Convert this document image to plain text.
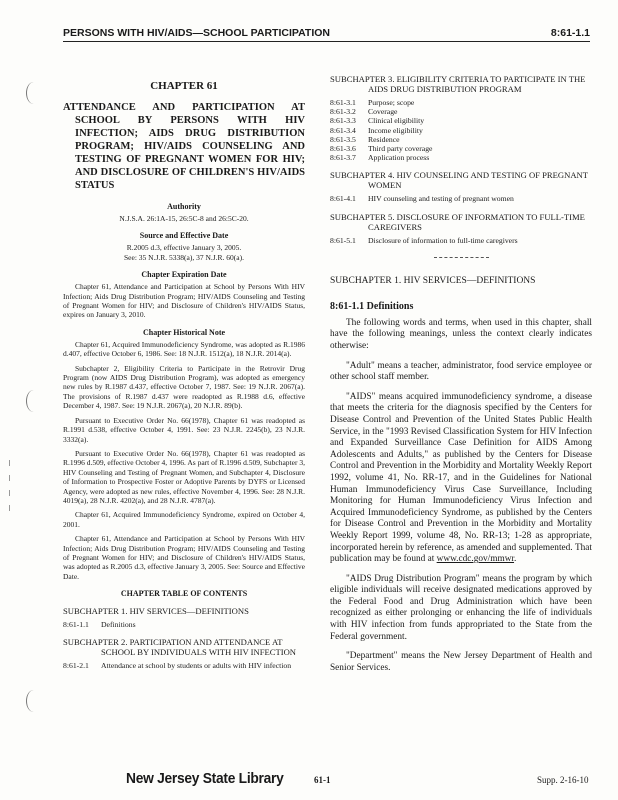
PERSONS WITH HIV/AIDS—SCHOOL PARTICIPATION	8:61-1.1
CHAPTER 61
ATTENDANCE AND PARTICIPATION AT SCHOOL BY PERSONS WITH HIV INFECTION; AIDS DRUG DISTRIBUTION PROGRAM; HIV/AIDS COUNSELING AND TESTING OF PREGNANT WOMEN FOR HIV; AND DISCLOSURE OF CHILDREN'S HIV/AIDS STATUS
Authority

N.J.S.A. 26:1A-15, 26:5C-8 and 26:5C-20.

Source and Effective Date

R.2005 d.3, effective January 3, 2005.

See: 35 N.J.R. 5338(a), 37 N.J.R. 60(a).

Chapter Expiration Date

Chapter 61, Attendance and Participation at School by Persons With HIV Infection; Aids Drug Distribution Program; HIV/AIDS Counseling and Testing of Pregnant Women for HIV; and Disclosure of Children's HIV/AIDS Status, expires on January 3, 2010.

Chapter Historical Note

Chapter 61, Acquired Immunodeficiency Syndrome, was adopted as R.1986 d.407, effective October 6, 1986. See: 18 N.J.R. 1512(a), 18 N.J.R. 2014(a).

Subchapter 2, Eligibility Criteria to Participate in the Retrovir Drug Program (now AIDS Drug Distribution Program), was adopted as emergency new rules by R.1987 d.437, effective October 7, 1987. See: 19 N.J.R. 2067(a). The provisions of R.1987 d.437 were readopted as R.1988 d.6, effective December 4, 1987. See: 19 N.J.R. 2067(a), 20 N.J.R. 89(b).

Pursuant to Executive Order No. 66(1978), Chapter 61 was readopted as R.1991 d.538, effective October 4, 1991. See: 23 N.J.R. 2245(b), 23 N.J.R. 3332(a).

Pursuant to Executive Order No. 66(1978), Chapter 61 was readopted as R.1996 d.509, effective October 4, 1996. As part of R.1996 d.509, Subchapter 3, HIV Counseling and Testing of Pregnant Women, and Subchapter 4, Disclosure of Information to Prospective Foster or Adoptive Parents by DYFS or Licensed Agency, were adopted as new rules, effective November 4, 1996. See: 28 N.J.R. 4019(a), 28 N.J.R. 4202(a), and 28 N.J.R. 4787(a).

Chapter 61, Acquired Immunodeficiency Syndrome, expired on October 4, 2001.

Chapter 61, Attendance and Participation at School by Persons With HIV Infection; Aids Drug Distribution Program; HIV/AIDS Counseling and Testing of Pregnant Women for HIV; and Disclosure of Children's HIV/AIDS Status, was adopted as R.2005 d.3, effective January 3, 2005. See: Source and Effective Date.

CHAPTER TABLE OF CONTENTS
SUBCHAPTER 1. HIV SERVICES—DEFINITIONS
8:61-1.1	Definitions
SUBCHAPTER 2. PARTICIPATION AND ATTENDANCE AT SCHOOL BY INDIVIDUALS WITH HIV INFECTION
8:61-2.1	Attendance at school by students or adults with HIV infection
SUBCHAPTER 3. ELIGIBILITY CRITERIA TO PARTICIPATE IN THE AIDS DRUG DISTRIBUTION PROGRAM
8:61-3.1	Purpose; scope
8:61-3.2	Coverage
8:61-3.3	Clinical eligibility
8:61-3.4	Income eligibility
8:61-3.5	Residence
8:61-3.6	Third party coverage
8:61-3.7	Application process
SUBCHAPTER 4. HIV COUNSELING AND TESTING OF PREGNANT WOMEN
8:61-4.1	HIV counseling and testing of pregnant women
SUBCHAPTER 5. DISCLOSURE OF INFORMATION TO FULL-TIME CAREGIVERS
8:61-5.1	Disclosure of information to full-time caregivers
SUBCHAPTER 1. HIV SERVICES—DEFINITIONS
8:61-1.1 Definitions

The following words and terms, when used in this chapter, shall have the following meanings, unless the context clearly indicates otherwise:

"Adult" means a teacher, administrator, food service employee or other school staff member.

"AIDS" means acquired immunodeficiency syndrome, a disease that meets the criteria for the diagnosis specified by the Centers for Disease Control and Prevention of the United States Public Health Service, in the "1993 Revised Classification System for HIV Infection and Expanded Surveillance Case Definition for AIDS Among Adolescents and Adults," as published by the Centers for Disease Control and Prevention in the Morbidity and Mortality Weekly Report 1992, volume 41, No. RR-17, and in the Guidelines for National Human Immunodeficiency Virus Case Surveillance, Including Monitoring for Human Immunodeficiency Virus Infection and Acquired Immunodeficiency Syndrome, as published by the Centers for Disease Control and Prevention in the Morbidity and Mortality Weekly Report 1999, volume 48, No. RR-13; 1-28 as appropriate, incorporated herein by reference, as amended and supplemented. That publication may be found at www.cdc.gov/mmwr.

"AIDS Drug Distribution Program" means the program by which eligible individuals will receive designated medications approved by the Federal Food and Drug Administration which have been recognized as either prolonging or enhancing the life of individuals with HIV infection from funds appropriated to the State from the Federal government.

"Department" means the New Jersey Department of Health and Senior Services.

New Jersey State Library	61-1	Supp. 2-16-10
